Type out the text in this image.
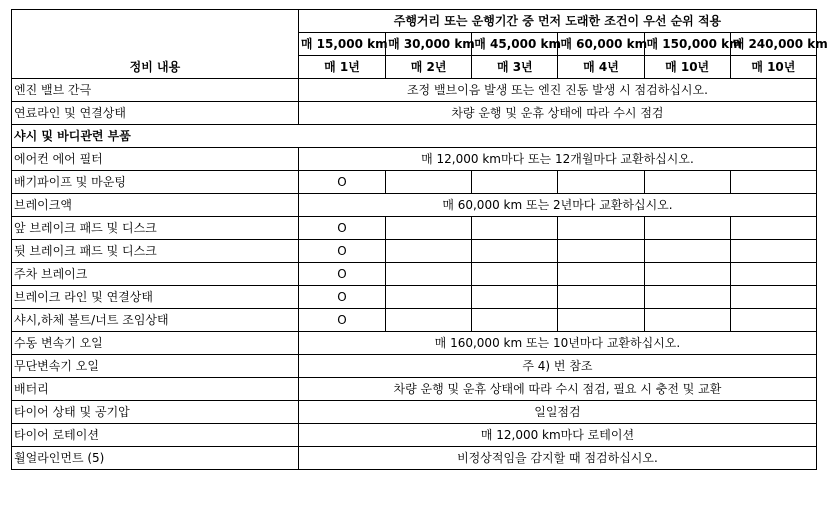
정비 내용	주행거리 또는 운행기간 중 먼저 도래한 조건이 우선 순위 적용					
	매 15,000 km	매 30,000 km	매 45,000 km	매 60,000 km	매 150,000 km	매 240,000 km
	매 1년	매 2년	매 3년	매 4년	매 10년	매 10년
엔진 밸브 간극	조정 밸브이음 발생 또는 엔진 진동 발생 시 점검하십시오.					
연료라인 및 연결상태	차량 운행 및 운휴 상태에 따라 수시 점검					
샤시 및 바디관련 부품						
에어컨 에어 필터	매 12,000 km마다 또는 12개월마다 교환하십시오.					
배기파이프 및 마운팅	O					
브레이크액	매 60,000 km 또는 2년마다 교환하십시오.					
앞 브레이크 패드 및 디스크	O					
뒷 브레이크 패드 및 디스크	O					
주차 브레이크	O					
브레이크 라인 및 연결상태	O					
샤시,하체 볼트/너트 조임상태	O					
수동 변속기 오일	매 160,000 km 또는 10년마다 교환하십시오.					
무단변속기 오일	주 4) 번 참조					
배터리	차량 운행 및 운휴 상태에 따라 수시 점검, 필요 시 충전 및 교환					
타이어 상태 및 공기압	일일점검					
타이어 로테이션	매 12,000 km마다 로테이션					
휠얼라인먼트 (5)	비정상적임을 감지할 때 점검하십시오.					
